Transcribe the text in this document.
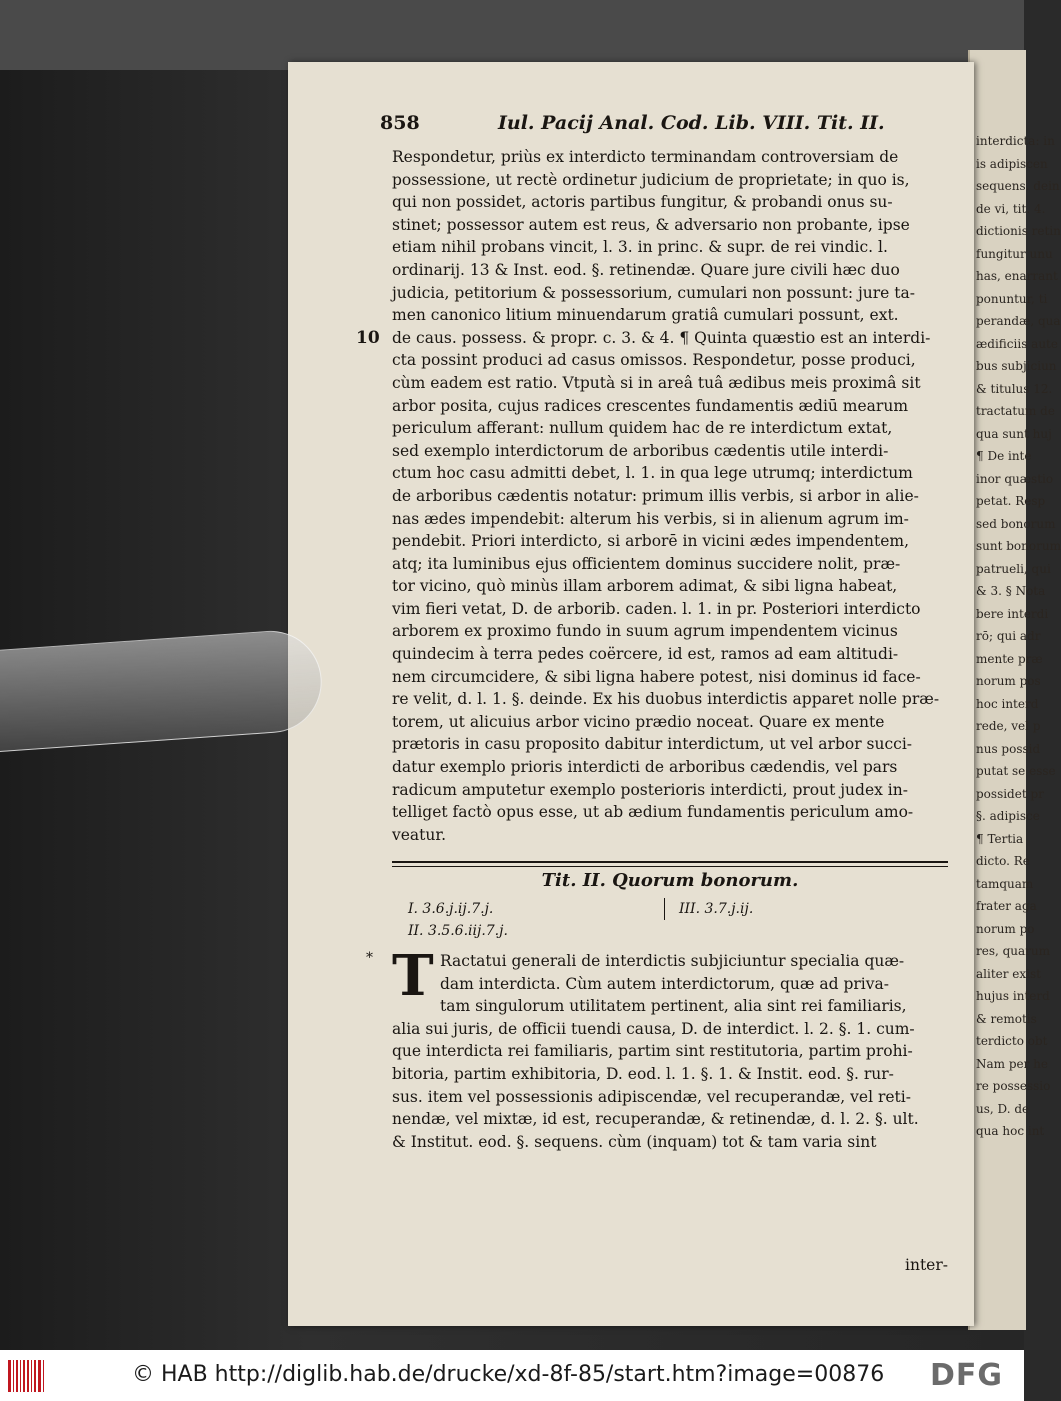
interdicta: in
is adipiscen
sequens. dein
de vi, tit. 4.
dictionis retin
fungitur unu
has, enarrant
ponuntur, ti
perandæ, qua
ædificiis aute
bus subjiciun
& titulus 12.
tractatum de
qua sunt huj
¶ De inte
inor quæstio
petat. Resp
sed bonorum
sunt bonorum
patrueli, qui
& 3. § Nota
bere interdi
rō; qui adr
mente præ
norum pos
hoc interd
rede, vel p
nus possid
putat se esse
possidet pr
§. adipisce
¶ Tertia
dicto. Re
tamquam
frater aga
norum po
res, quarum
aliter exist
hujus interd
& remotis
terdicto obt
Nam per he
re possessio
us, D. de
qua hoc int
858	Iul. Pacij Anal. Cod. Lib. VIII. Tit. II.
10
Respondetur, priùs ex interdicto terminandam controversiam de
possessione, ut rectè ordinetur judicium de proprietate; in quo is,
qui non possidet, actoris partibus fungitur, & probandi onus su-
stinet; possessor autem est reus, & adversario non probante, ipse
etiam nihil probans vincit, l. 3. in princ. & supr. de rei vindic. l.
ordinarij. 13 & Inst. eod. §. retinendæ. Quare jure civili hæc duo
judicia, petitorium & possessorium, cumulari non possunt: jure ta-
men canonico litium minuendarum gratiâ cumulari possunt, ext.
de caus. possess. & propr. c. 3. & 4. ¶ Quinta quæstio est an interdi-
cta possint produci ad casus omissos. Respondetur, posse produci,
cùm eadem est ratio. Vtputà si in areâ tuâ ædibus meis proximâ sit
arbor posita, cujus radices crescentes fundamentis ædiū mearum
periculum afferant: nullum quidem hac de re interdictum extat,
sed exemplo interdictorum de arboribus cædentis utile interdi-
ctum hoc casu admitti debet, l. 1. in qua lege utrumq; interdictum
de arboribus cædentis notatur: primum illis verbis, si arbor in alie-
nas ædes impendebit: alterum his verbis, si in alienum agrum im-
pendebit. Priori interdicto, si arborē in vicini ædes impendentem,
atq; ita luminibus ejus officientem dominus succidere nolit, præ-
tor vicino, quò minùs illam arborem adimat, & sibi ligna habeat,
vim fieri vetat, D. de arborib. caden. l. 1. in pr. Posteriori interdicto
arborem ex proximo fundo in suum agrum impendentem vicinus
quindecim à terra pedes coërcere, id est, ramos ad eam altitudi-
nem circumcidere, & sibi ligna habere potest, nisi dominus id face-
re velit, d. l. 1. §. deinde. Ex his duobus interdictis apparet nolle præ-
torem, ut alicuius arbor vicino prædio noceat. Quare ex mente
prætoris in casu proposito dabitur interdictum, ut vel arbor succi-
datur exemplo prioris interdicti de arboribus cædendis, vel pars
radicum amputetur exemplo posterioris interdicti, prout judex in-
telliget factò opus esse, ut ab ædium fundamentis periculum amo-
veatur.
Tit. II. Quorum bonorum.
I. 3.6.j.ij.7.j.
II. 3.5.6.iij.7.j.
III. 3.7.j.ij.
* T Ractatui generali de interdictis subjiciuntur specialia quæ-
dam interdicta. Cùm autem interdictorum, quæ ad priva-
tam singulorum utilitatem pertinent, alia sint rei familiaris,
alia sui juris, de officii tuendi causa, D. de interdict. l. 2. §. 1. cum-
que interdicta rei familiaris, partim sint restitutoria, partim prohi-
bitoria, partim exhibitoria, D. eod. l. 1. §. 1. & Instit. eod. §. rur-
sus. item vel possessionis adipiscendæ, vel recuperandæ, vel reti-
nendæ, vel mixtæ, id est, recuperandæ, & retinendæ, d. l. 2. §. ult.
& Institut. eod. §. sequens. cùm (inquam) tot & tam varia sint
inter-
© HAB http://diglib.hab.de/drucke/xd-8f-85/start.htm?image=00876 DFG
